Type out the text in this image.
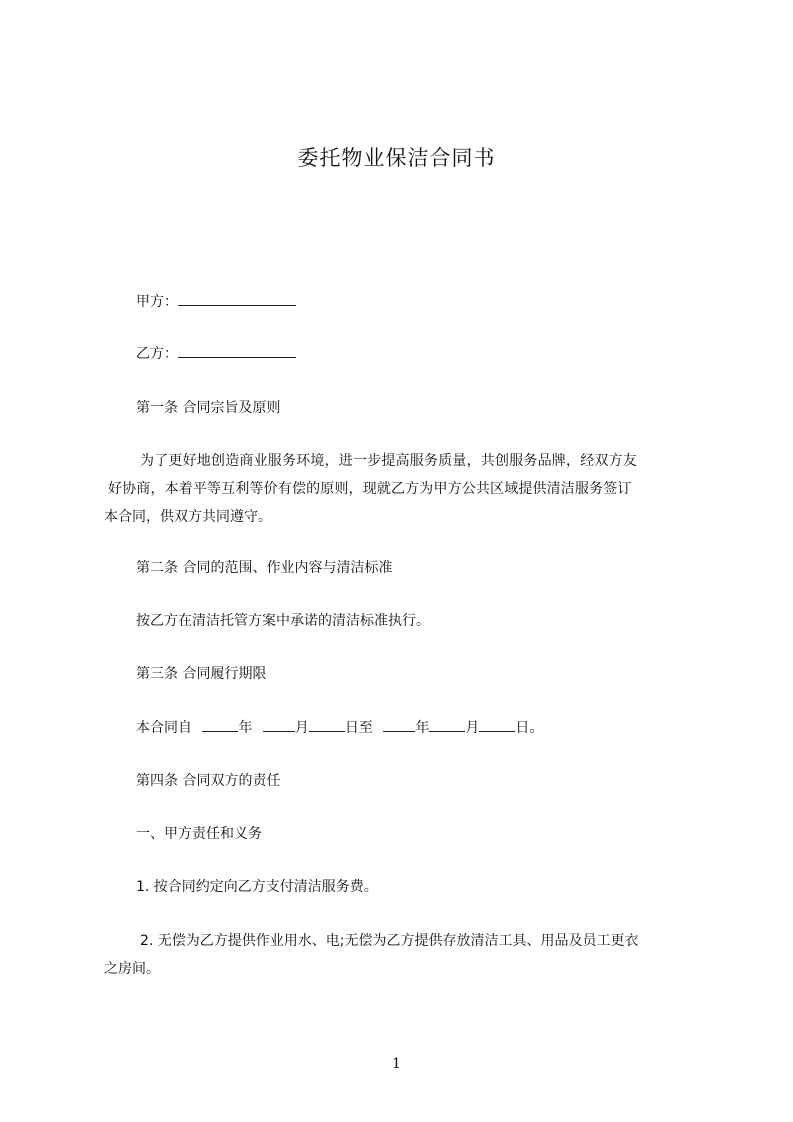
委托物业保洁合同书
甲方：
乙方：
第一条 合同宗旨及原则
为了更好地创造商业服务环境，进一步提高服务质量，共创服务品牌，经双方友
好协商，本着平等互利等价有偿的原则，现就乙方为甲方公共区域提供清洁服务签订
本合同，供双方共同遵守。
第二条 合同的范围、作业内容与清洁标准
按乙方在清洁托管方案中承诺的清洁标准执行。
第三条 合同履行期限
本合同自	年	月	日至	年	月	日。
第四条 合同双方的责任
一、甲方责任和义务
1. 按合同约定向乙方支付清洁服务费。
2. 无偿为乙方提供作业用水、电;无偿为乙方提供存放清洁工具、用品及员工更衣
之房间。
1
